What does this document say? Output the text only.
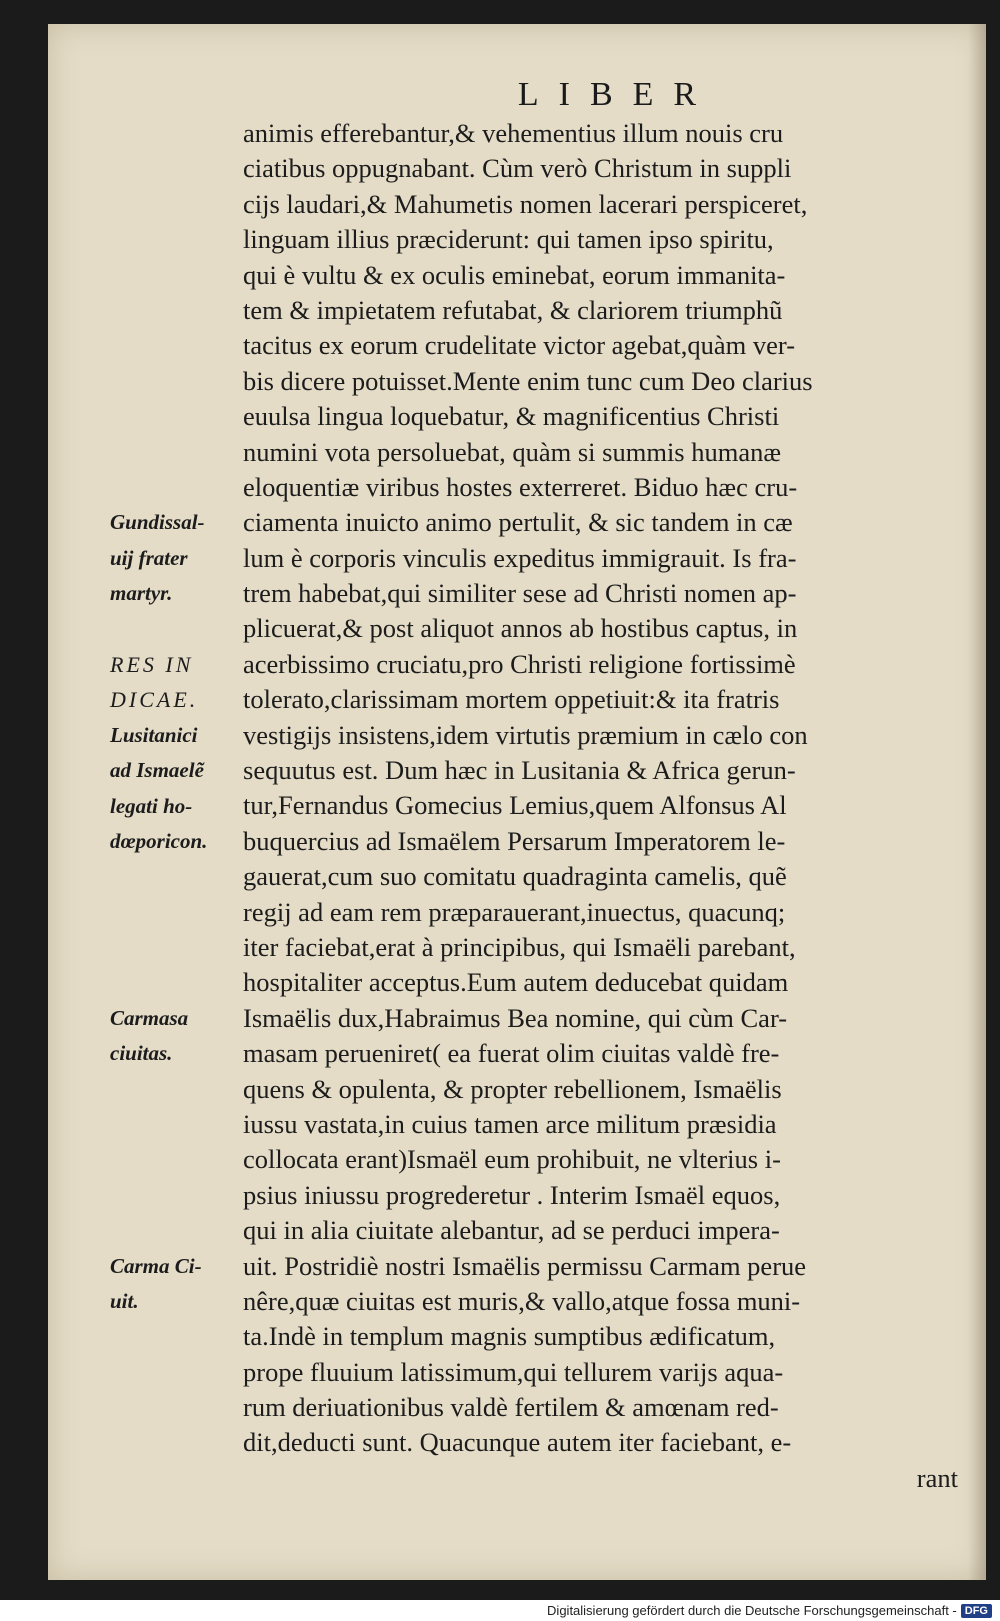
LIBER
Gundissal-
uij frater
martyr.
RES IN
DICAE.
Lusitanici
ad Ismaelẽ
legati ho-
dœporicon.
Carmasa
ciuitas.
Carma Ci-
uit.
animis efferebantur,& vehementius illum nouis cru
ciatibus oppugnabant. Cùm verò Christum in suppli
cijs laudari,& Mahumetis nomen lacerari perspiceret,
linguam illius præciderunt: qui tamen ipso spiritu,
qui è vultu & ex oculis eminebat, eorum immanita-
tem & impietatem refutabat, & clariorem triumphũ
tacitus ex eorum crudelitate victor agebat,quàm ver-
bis dicere potuisset.Mente enim tunc cum Deo clarius
euulsa lingua loquebatur, & magnificentius Christi
numini vota persoluebat, quàm si summis humanæ
eloquentiæ viribus hostes exterreret. Biduo hæc cru-
ciamenta inuicto animo pertulit, & sic tandem in cæ
lum è corporis vinculis expeditus immigrauit. Is fra-
trem habebat,qui similiter sese ad Christi nomen ap-
plicuerat,& post aliquot annos ab hostibus captus, in
acerbissimo cruciatu,pro Christi religione fortissimè
tolerato,clarissimam mortem oppetiuit:& ita fratris
vestigijs insistens,idem virtutis præmium in cælo con
sequutus est. Dum hæc in Lusitania & Africa gerun-
tur,Fernandus Gomecius Lemius,quem Alfonsus Al
buquercius ad Ismaëlem Persarum Imperatorem le-
gauerat,cum suo comitatu quadraginta camelis, quẽ
regij ad eam rem præparauerant,inuectus, quacunq;
iter faciebat,erat à principibus, qui Ismaëli parebant,
hospitaliter acceptus.Eum autem deducebat quidam
Ismaëlis dux,Habraimus Bea nomine, qui cùm Car-
masam perueniret( ea fuerat olim ciuitas valdè fre-
quens & opulenta, & propter rebellionem, Ismaëlis
iussu vastata,in cuius tamen arce militum præsidia
collocata erant)Ismaël eum prohibuit, ne vlterius i-
psius iniussu progrederetur . Interim Ismaël equos,
qui in alia ciuitate alebantur, ad se perduci impera-
uit. Postridiè nostri Ismaëlis permissu Carmam perue
nêre,quæ ciuitas est muris,& vallo,atque fossa muni-
ta.Indè in templum magnis sumptibus ædificatum,
prope fluuium latissimum,qui tellurem varijs aqua-
rum deriuationibus valdè fertilem & amœnam red-
dit,deducti sunt. Quacunque autem iter faciebant, e-
rant
Digitalisierung gefördert durch die Deutsche Forschungsgemeinschaft - DFG
